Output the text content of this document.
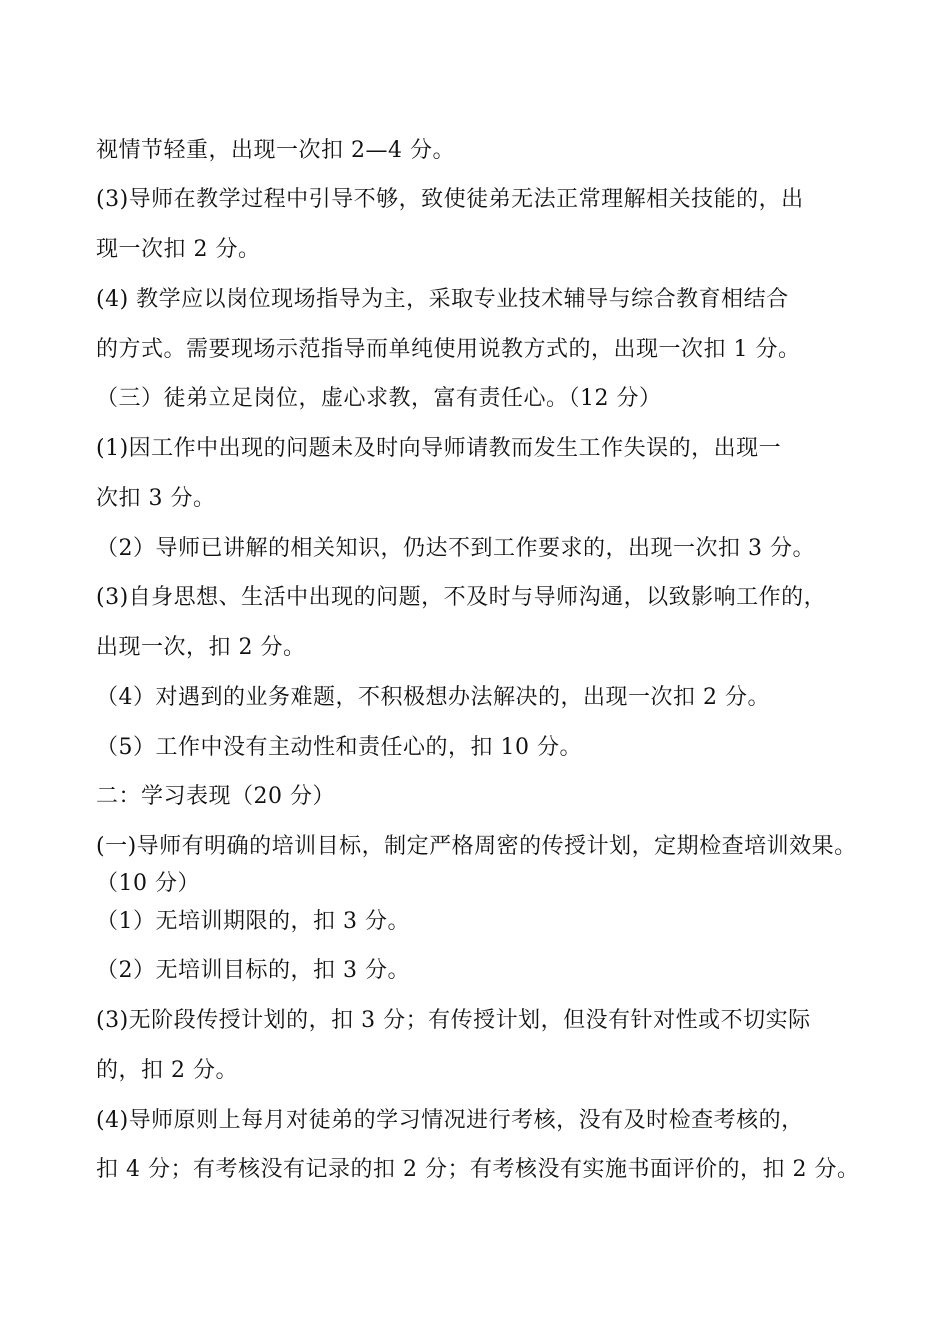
视情节轻重，出现一次扣 2—4 分。
(3)导师在教学过程中引导不够，致使徒弟无法正常理解相关技能的，出
现一次扣 2 分。
(4) 教学应以岗位现场指导为主，采取专业技术辅导与综合教育相结合
的方式。需要现场示范指导而单纯使用说教方式的，出现一次扣 1 分。
（三）徒弟立足岗位，虚心求教，富有责任心。（12 分）
(1)因工作中出现的问题未及时向导师请教而发生工作失误的，出现一
次扣 3 分。
（2）导师已讲解的相关知识，仍达不到工作要求的，出现一次扣 3 分。
(3)自身思想、生活中出现的问题，不及时与导师沟通，以致影响工作的，
出现一次，扣 2 分。
（4）对遇到的业务难题，不积极想办法解决的，出现一次扣 2 分。
（5）工作中没有主动性和责任心的，扣 10 分。
二：学习表现（20 分）
(一)导师有明确的培训目标，制定严格周密的传授计划，定期检查培训效果。
（10 分）
（1）无培训期限的，扣 3 分。
（2）无培训目标的，扣 3 分。
(3)无阶段传授计划的，扣 3 分；有传授计划，但没有针对性或不切实际
的，扣 2 分。
(4)导师原则上每月对徒弟的学习情况进行考核，没有及时检查考核的，
扣 4 分；有考核没有记录的扣 2 分；有考核没有实施书面评价的，扣 2 分。
